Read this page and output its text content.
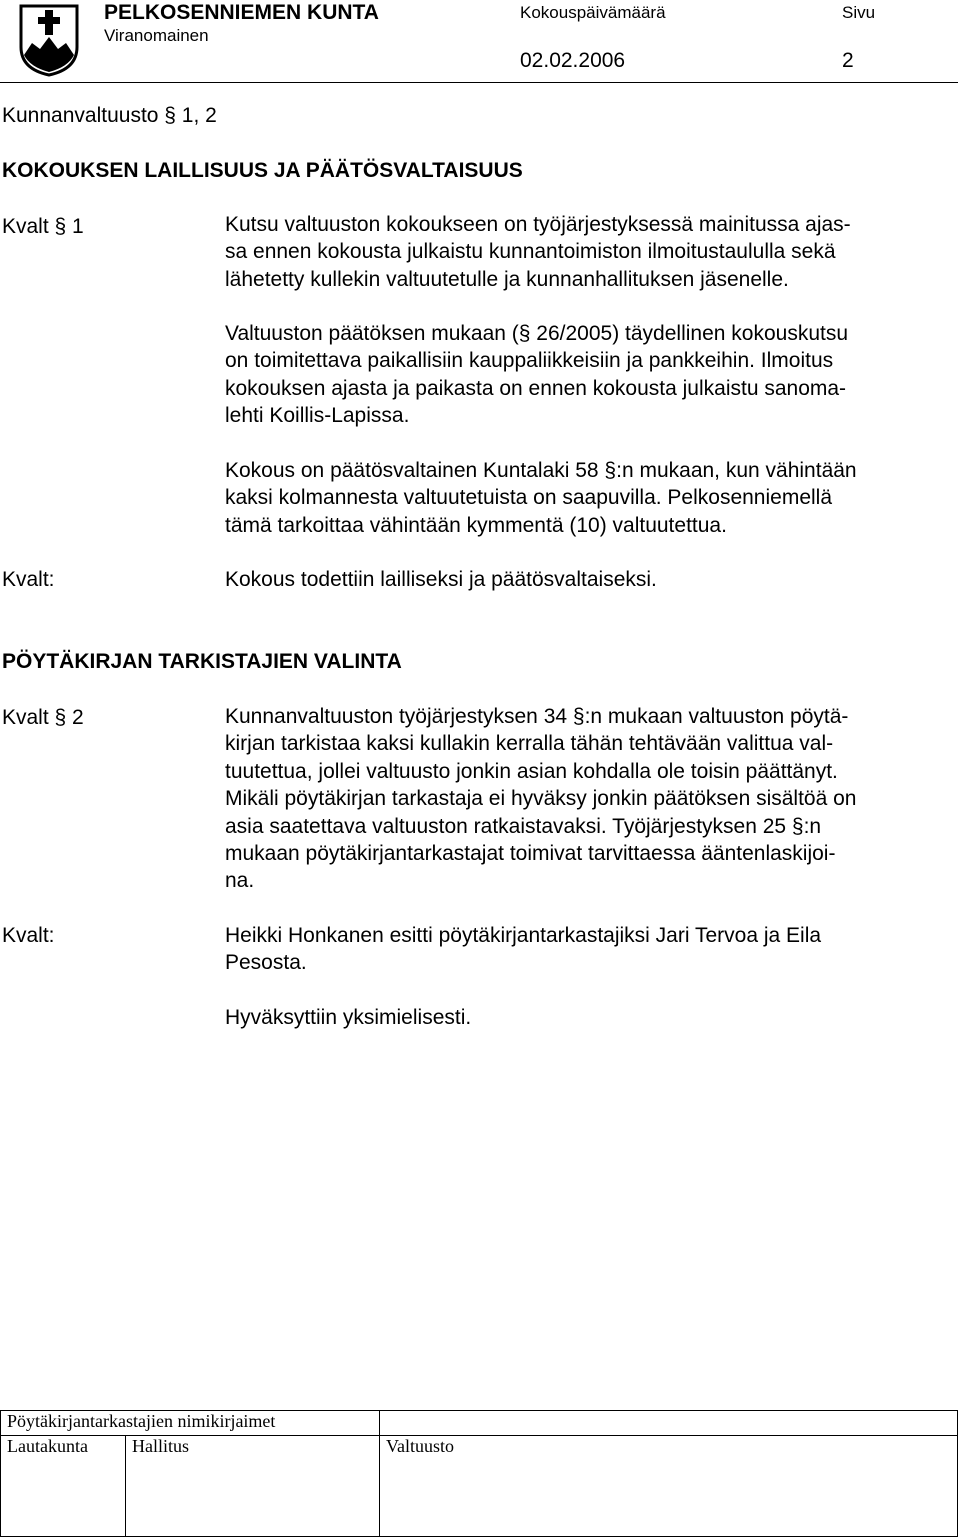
PELKOSENNIEMEN KUNTA
Viranomainen
Kokouspäivämäärä	Sivu
02.02.2006	2
Kunnanvaltuusto § 1, 2
KOKOUKSEN LAILLISUUS JA PÄÄTÖSVALTAISUUS
Kvalt § 1	Kutsu valtuuston kokoukseen on työjärjestyksessä mainitussa ajas-
sa ennen kokousta julkaistu kunnantoimiston ilmoitustaululla sekä
lähetetty kullekin valtuutetulle ja kunnanhallituksen jäsenelle.
Valtuuston päätöksen mukaan (§ 26/2005) täydellinen kokouskutsu
on toimitettava paikallisiin kauppaliikkeisiin ja pankkeihin. Ilmoitus
kokouksen ajasta ja paikasta on ennen kokousta julkaistu sanoma-
lehti Koillis-Lapissa.
Kokous on päätösvaltainen Kuntalaki 58 §:n mukaan, kun vähintään
kaksi kolmannesta valtuutetuista on saapuvilla. Pelkosenniemellä
tämä tarkoittaa vähintään kymmentä (10) valtuutettua.
Kvalt:	Kokous todettiin lailliseksi ja päätösvaltaiseksi.
PÖYTÄKIRJAN TARKISTAJIEN VALINTA
Kvalt § 2	Kunnanvaltuuston työjärjestyksen 34 §:n mukaan valtuuston pöytä-
kirjan tarkistaa kaksi kullakin kerralla tähän tehtävään valittua val-
tuutettua, jollei valtuusto jonkin asian kohdalla ole toisin päättänyt.
Mikäli pöytäkirjan tarkastaja ei hyväksy jonkin päätöksen sisältöä on
asia saatettava valtuuston ratkaistavaksi. Työjärjestyksen 25 §:n
mukaan pöytäkirjantarkastajat toimivat tarvittaessa ääntenlaskijoi-
na.
Kvalt:	Heikki Honkanen esitti pöytäkirjantarkastajiksi Jari Tervoa ja Eila
Pesosta.
Hyväksyttiin yksimielisesti.
Pöytäkirjantarkastajien nimikirjaimet		
Lautakunta	Hallitus	Valtuusto
